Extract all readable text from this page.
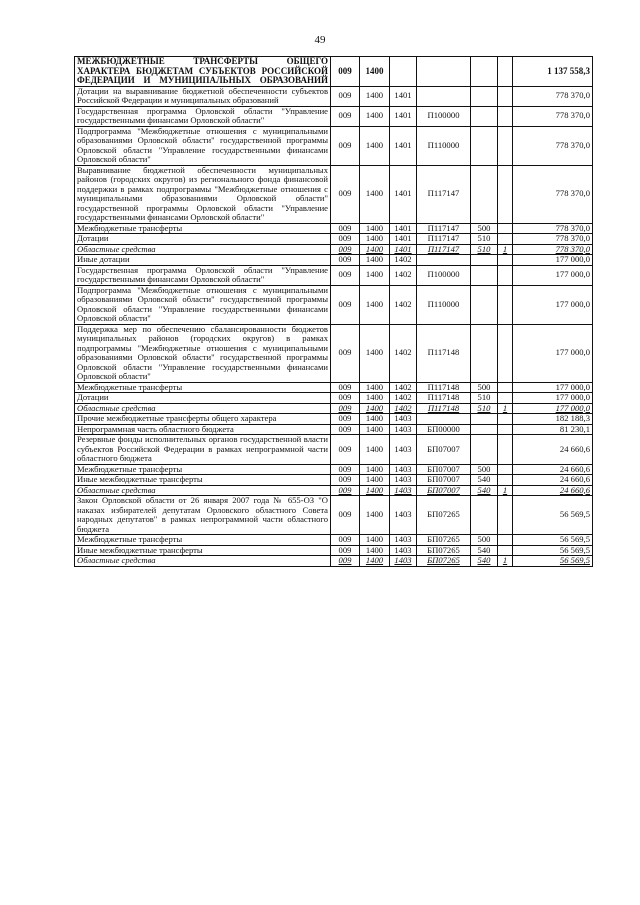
49
МЕЖБЮДЖЕТНЫЕ ТРАНСФЕРТЫ ОБЩЕГО ХАРАКТЕРА БЮДЖЕТАМ СУБЪЕКТОВ РОССИЙСКОЙ ФЕДЕРАЦИИ И МУНИЦИПАЛЬНЫХ ОБРАЗОВАНИЙ	009	1400					1 137 558,3
Дотации на выравнивание бюджетной обеспеченности субъектов Российской Федерации и муниципальных образований	009	1400	1401				778 370,0
Государственная программа Орловской области "Управление государственными финансами Орловской области"	009	1400	1401	П100000			778 370,0
Подпрограмма "Межбюджетные отношения с муниципальными образованиями Орловской области" государственной программы Орловской области "Управление государственными финансами Орловской области"	009	1400	1401	П110000			778 370,0
Выравнивание бюджетной обеспеченности муниципальных районов (городских округов) из регионального фонда финансовой поддержки в рамках подпрограммы "Межбюджетные отношения с муниципальными образованиями Орловской области" государственной программы Орловской области "Управление государственными финансами Орловской области"	009	1400	1401	П117147			778 370,0
Межбюджетные трансферты	009	1400	1401	П117147	500		778 370,0
Дотации	009	1400	1401	П117147	510		778 370,0
Областные средства	009	1400	1401	П117147	510	1	778 370,0
Иные дотации	009	1400	1402				177 000,0
Государственная программа Орловской области "Управление государственными финансами Орловской области"	009	1400	1402	П100000			177 000,0
Подпрограмма "Межбюджетные отношения с муниципальными образованиями Орловской области" государственной программы Орловской области "Управление государственными финансами Орловской области"	009	1400	1402	П110000			177 000,0
Поддержка мер по обеспечению сбалансированности бюджетов муниципальных районов (городских округов) в рамках подпрограммы "Межбюджетные отношения с муниципальными образованиями Орловской области" государственной программы Орловской области "Управление государственными финансами Орловской области"	009	1400	1402	П117148			177 000,0
Межбюджетные трансферты	009	1400	1402	П117148	500		177 000,0
Дотации	009	1400	1402	П117148	510		177 000,0
Областные средства	009	1400	1402	П117148	510	1	177 000,0
Прочие межбюджетные трансферты общего характера	009	1400	1403				182 188,3
Непрограммная часть областного бюджета	009	1400	1403	БП00000			81 230,1
Резервные фонды исполнительных органов государственной власти субъектов Российской Федерации в рамках непрограммной части областного бюджета	009	1400	1403	БП07007			24 660,6
Межбюджетные трансферты	009	1400	1403	БП07007	500		24 660,6
Иные межбюджетные трансферты	009	1400	1403	БП07007	540		24 660,6
Областные средства	009	1400	1403	БП07007	540	1	24 660,6
Закон Орловской области от 26 января 2007 года № 655-ОЗ "О наказах избирателей депутатам Орловского областного Совета народных депутатов" в рамках непрограммной части областного бюджета	009	1400	1403	БП07265			56 569,5
Межбюджетные трансферты	009	1400	1403	БП07265	500		56 569,5
Иные межбюджетные трансферты	009	1400	1403	БП07265	540		56 569,5
Областные средства	009	1400	1403	БП07265	540	1	56 569,5
